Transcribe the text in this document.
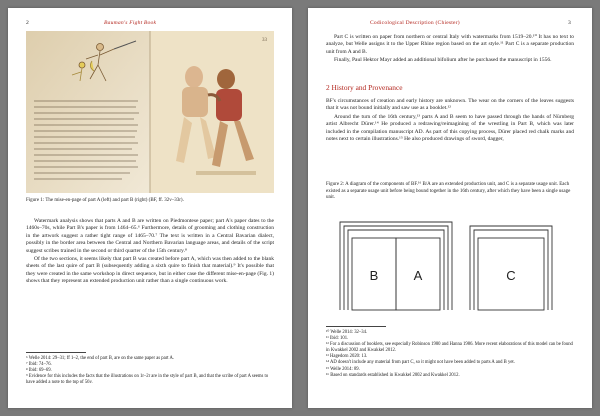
2	Bauman's Fight Book
33
Figure 1: The mise-en-page of part A (left) and part B (right) (BF, ff. 32v–33r).

Watermark analysis shows that parts A and B are written on Piedmontese paper; part A's paper dates to the 1460s–70s, while Part B's paper is from 1464–65.⁶ Furthermore, details of grooming and clothing construction in the artwork suggest a rather tight range of 1465–70.⁷ The text is written in a Central Bavarian dialect, possibly in the border area between the Central and Northern Bavarian language areas, and details of the script suggest scribes trained in the second or third quarter of the 15th century.⁸

Of the two sections, it seems likely that part B was created before part A, which was then added to the blank sheets of the last quire of part B (subsequently adding a sixth quire to finish that material).⁹ It's possible that they were created in the same workshop in direct sequence, but in either case the different mise-en-page (Fig. 1) shows that they represent an extended production unit rather than a single continuous work.

⁶ Welle 2014: 29–31; ff 1–2, the end of part B, are on the same paper as part A.

⁷ Ibid: 74–76.

⁸ Ibid: 69–69.

⁹ Evidence for this includes the facts that the illustrations on 1r–2r are in the style of part B, and that the scribe of part A seems to have added a note to the top of 56v.

Codicological Description (Chiester)	3

Part C is written on paper from northern or central Italy with watermarks from 1519–20.¹⁰ It has no text to analyze, but Welle assigns it to the Upper Rhine region based on the art style.¹¹ Part C is a separate production unit from A and B.

Finally, Paul Hektor Mayr added an additional bifolium after he purchased the manuscript in 1556.

2 History and Provenance

BF's circumstances of creation and early history are unknown. The wear on the corners of the leaves suggests that it was not bound initially and saw use as a booklet.¹²

Around the turn of the 16th century,¹³ parts A and B seem to have passed through the hands of Nürnberg artist Albrecht Dürer.¹⁴ He produced a redrawing/reimagining of the wrestling in Part B, which was later included in the compilation manuscript AD. As part of this copying process, Dürer placed red chalk marks and notes next to certain illustrations.¹⁵ He also produced drawings of sword, dagger,

Figure 2: A diagram of the components of BF.¹⁶ B/A are an extended production unit, and C is a separate usage unit. Each existed as a separate usage unit before being bound together in the 16th century, after which they have been a single usage unit.
B	A	C

¹⁰ Welle 2014: 32–34.

¹¹ Ibid: 101.

¹² For a discussion of booklets, see especially Robinson 1980 and Hanna 1986. More recent elaborations of this model can be found in Kwakkel 2002 and Kwakkel 2012.

¹³ Hagedorn 2020: 13.

¹⁴ AD doesn't include any material from part C, so it might not have been added to parts A and B yet.

¹⁵ Welle 2014: 89.

¹⁶ Based on standards established in Kwakkel 2002 and Kwakkel 2012.
